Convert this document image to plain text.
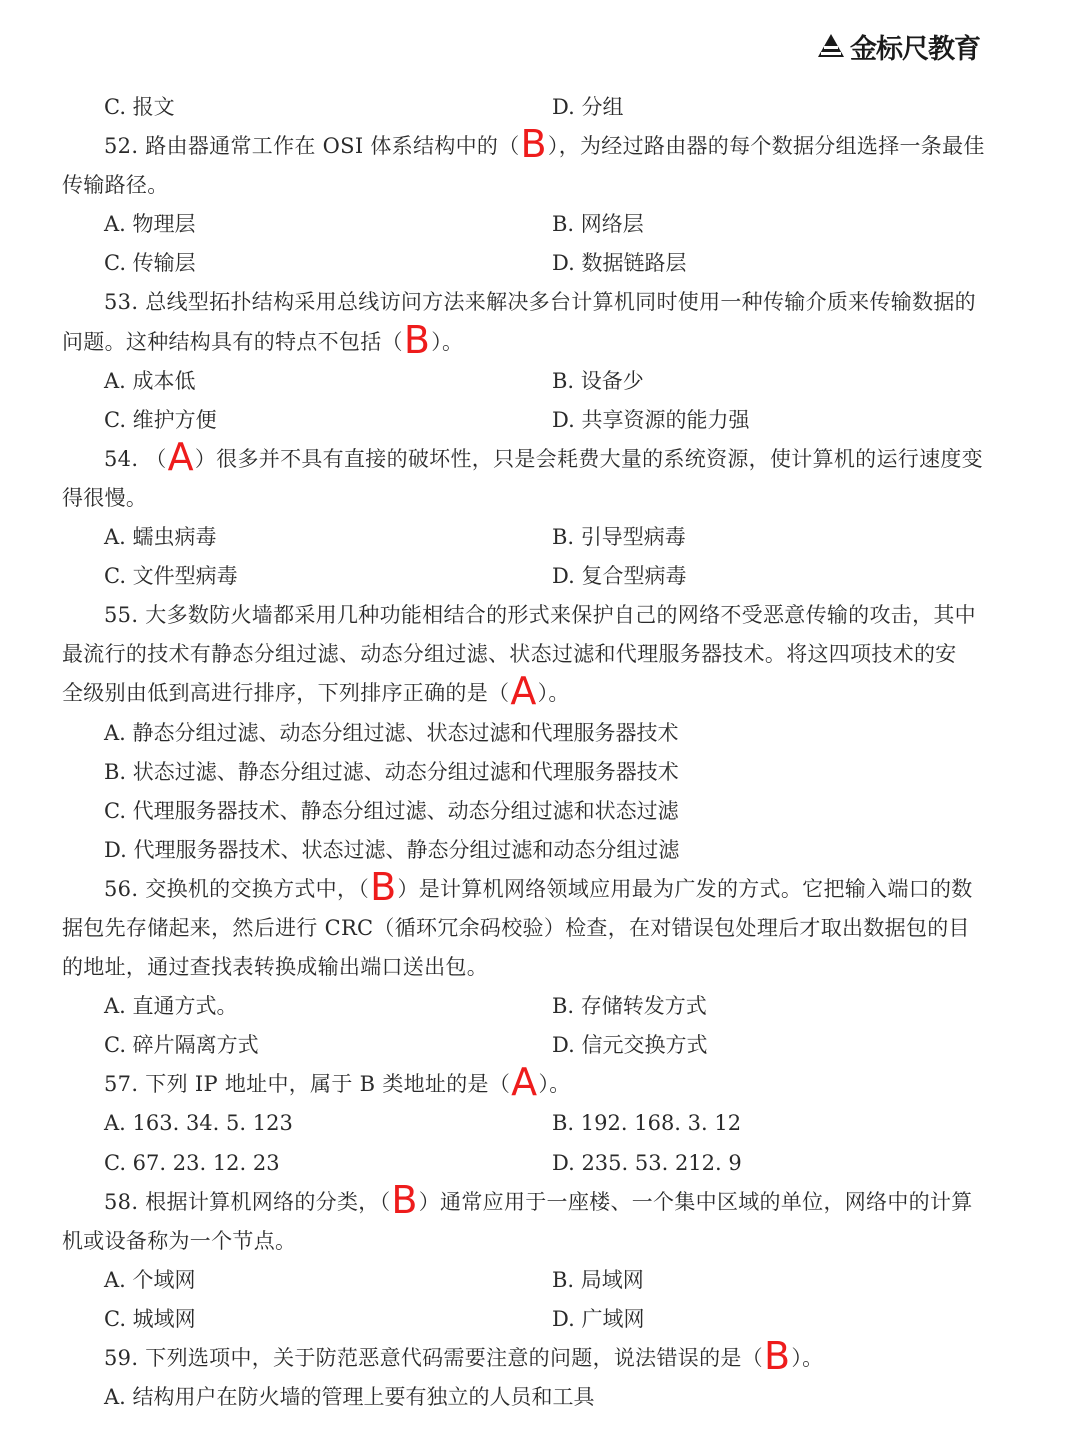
金标尺教育
C. 报文	D. 分组
52. 路由器通常工作在 OSI 体系结构中的（B），为经过路由器的每个数据分组选择一条最佳
传输路径。
A. 物理层	B. 网络层
C. 传输层	D. 数据链路层
53. 总线型拓扑结构采用总线访问方法来解决多台计算机同时使用一种传输介质来传输数据的
问题。这种结构具有的特点不包括（B）。
A. 成本低	B. 设备少
C. 维护方便	D. 共享资源的能力强
54. （A）很多并不具有直接的破坏性，只是会耗费大量的系统资源，使计算机的运行速度变
得很慢。
A. 蠕虫病毒	B. 引导型病毒
C. 文件型病毒	D. 复合型病毒
55. 大多数防火墙都采用几种功能相结合的形式来保护自己的网络不受恶意传输的攻击，其中
最流行的技术有静态分组过滤、动态分组过滤、状态过滤和代理服务器技术。将这四项技术的安
全级别由低到高进行排序，下列排序正确的是（A）。
A. 静态分组过滤、动态分组过滤、状态过滤和代理服务器技术
B. 状态过滤、静态分组过滤、动态分组过滤和代理服务器技术
C. 代理服务器技术、静态分组过滤、动态分组过滤和状态过滤
D. 代理服务器技术、状态过滤、静态分组过滤和动态分组过滤
56. 交换机的交换方式中，（B）是计算机网络领域应用最为广发的方式。它把输入端口的数
据包先存储起来，然后进行 CRC（循环冗余码校验）检查，在对错误包处理后才取出数据包的目
的地址，通过查找表转换成输出端口送出包。
A. 直通方式。	B. 存储转发方式
C. 碎片隔离方式	D. 信元交换方式
57. 下列 IP 地址中，属于 B 类地址的是（A）。
A. 163. 34. 5. 123	B. 192. 168. 3. 12
C. 67. 23. 12. 23	D. 235. 53. 212. 9
58. 根据计算机网络的分类，（B）通常应用于一座楼、一个集中区域的单位，网络中的计算
机或设备称为一个节点。
A. 个域网	B. 局域网
C. 城域网	D. 广域网
59. 下列选项中，关于防范恶意代码需要注意的问题，说法错误的是（B）。
A. 结构用户在防火墙的管理上要有独立的人员和工具
